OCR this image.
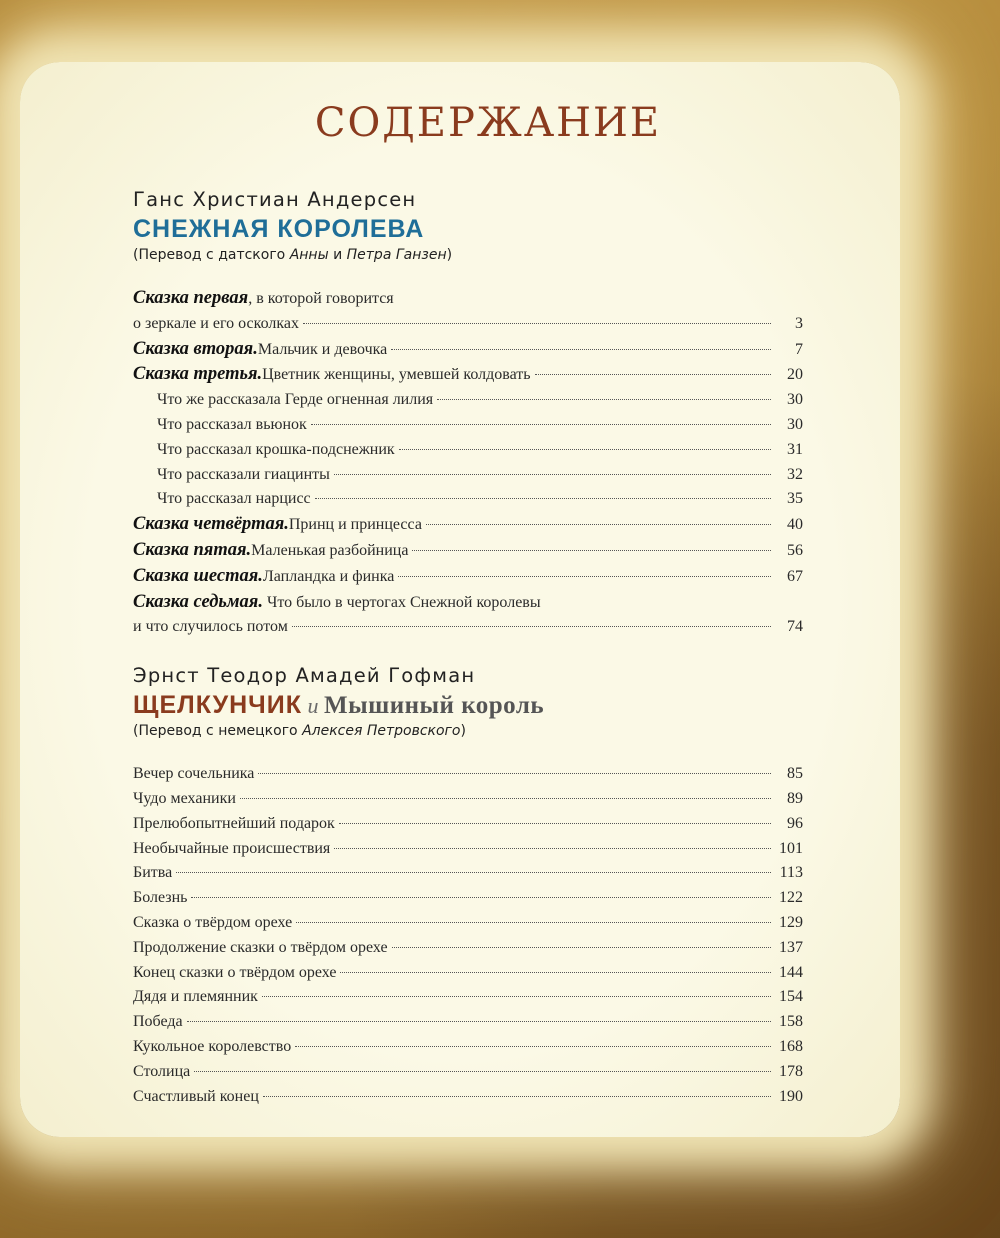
СОДЕРЖАНИЕ
Ганс Христиан Андерсен
СНЕЖНАЯ КОРОЛЕВА
(Перевод с датского Анны и Петра Ганзен)
Сказка первая, в которой говорится
о зеркале и его осколках	3
Сказка вторая. Мальчик и девочка	7
Сказка третья. Цветник женщины, умевшей колдовать	20
Что же рассказала Герде огненная лилия	30
Что рассказал вьюнок	30
Что рассказал крошка-подснежник	31
Что рассказали гиацинты	32
Что рассказал нарцисс	35
Сказка четвёртая. Принц и принцесса	40
Сказка пятая. Маленькая разбойница	56
Сказка шестая. Лапландка и финка	67
Сказка седьмая. Что было в чертогах Снежной королевы
и что случилось потом	74
Эрнст Теодор Амадей Гофман
ЩЕЛКУНЧИК и Мышиный король
(Перевод с немецкого Алексея Петровского)
Вечер сочельника	85
Чудо механики	89
Прелюбопытнейший подарок	96
Необычайные происшествия	101
Битва	113
Болезнь	122
Сказка о твёрдом орехе	129
Продолжение сказки о твёрдом орехе	137
Конец сказки о твёрдом орехе	144
Дядя и племянник	154
Победа	158
Кукольное королевство	168
Столица	178
Счастливый конец	190
